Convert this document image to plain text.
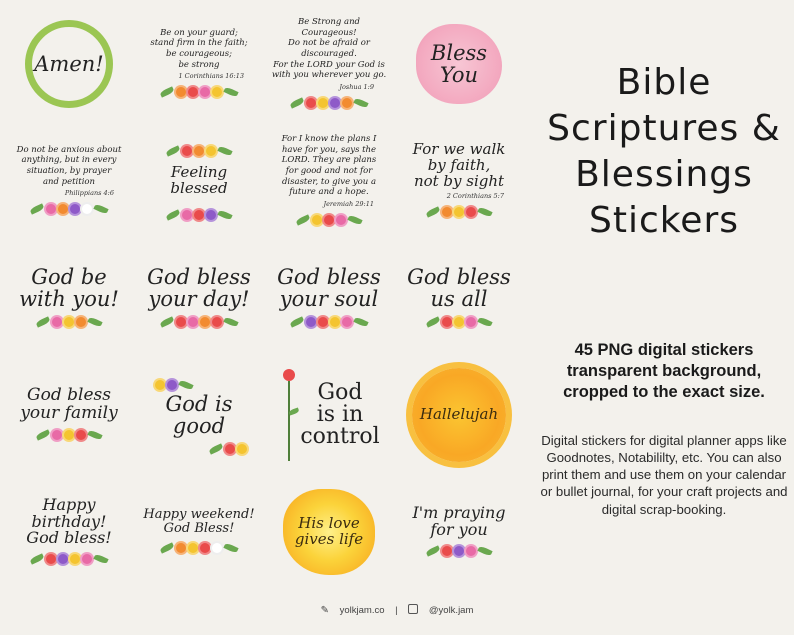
Amen!
Be on your guard;
stand firm in the faith;
be courageous;
be strong
1 Corinthians 16:13
Be Strong and Courageous!
Do not be afraid or
discouraged.
For the LORD your God is
with you wherever you go.
Joshua 1:9
Bless
You
Do not be anxious about
anything, but in every
situation, by prayer
and petition
Philippians 4:6
Feeling blessed
For I know the plans I
have for you, says the
LORD. They are plans
for good and not for
disaster, to give you a
future and a hope.
Jeremiah 29:11
For we walk
by faith,
not by sight
2 Corinthians 5:7
God be
with you!
God bless
your day!
God bless
your soul
God bless
us all
God bless
your family God is
good
God
is in
control
Hallelujah
Happy
birthday!
God bless!
Happy weekend!
God Bless!	His love
gives life
I'm praying
for you
Bible
Scriptures &
Blessings
Stickers
45 PNG digital stickers transparent background, cropped to the exact size.
Digital stickers for digital planner apps like Goodnotes, Notabililty, etc. You can also print them and use them on your calendar or bullet journal, for your craft projects and digital scrap-booking.
✎ yolkjam.co |	@yolk.jam
